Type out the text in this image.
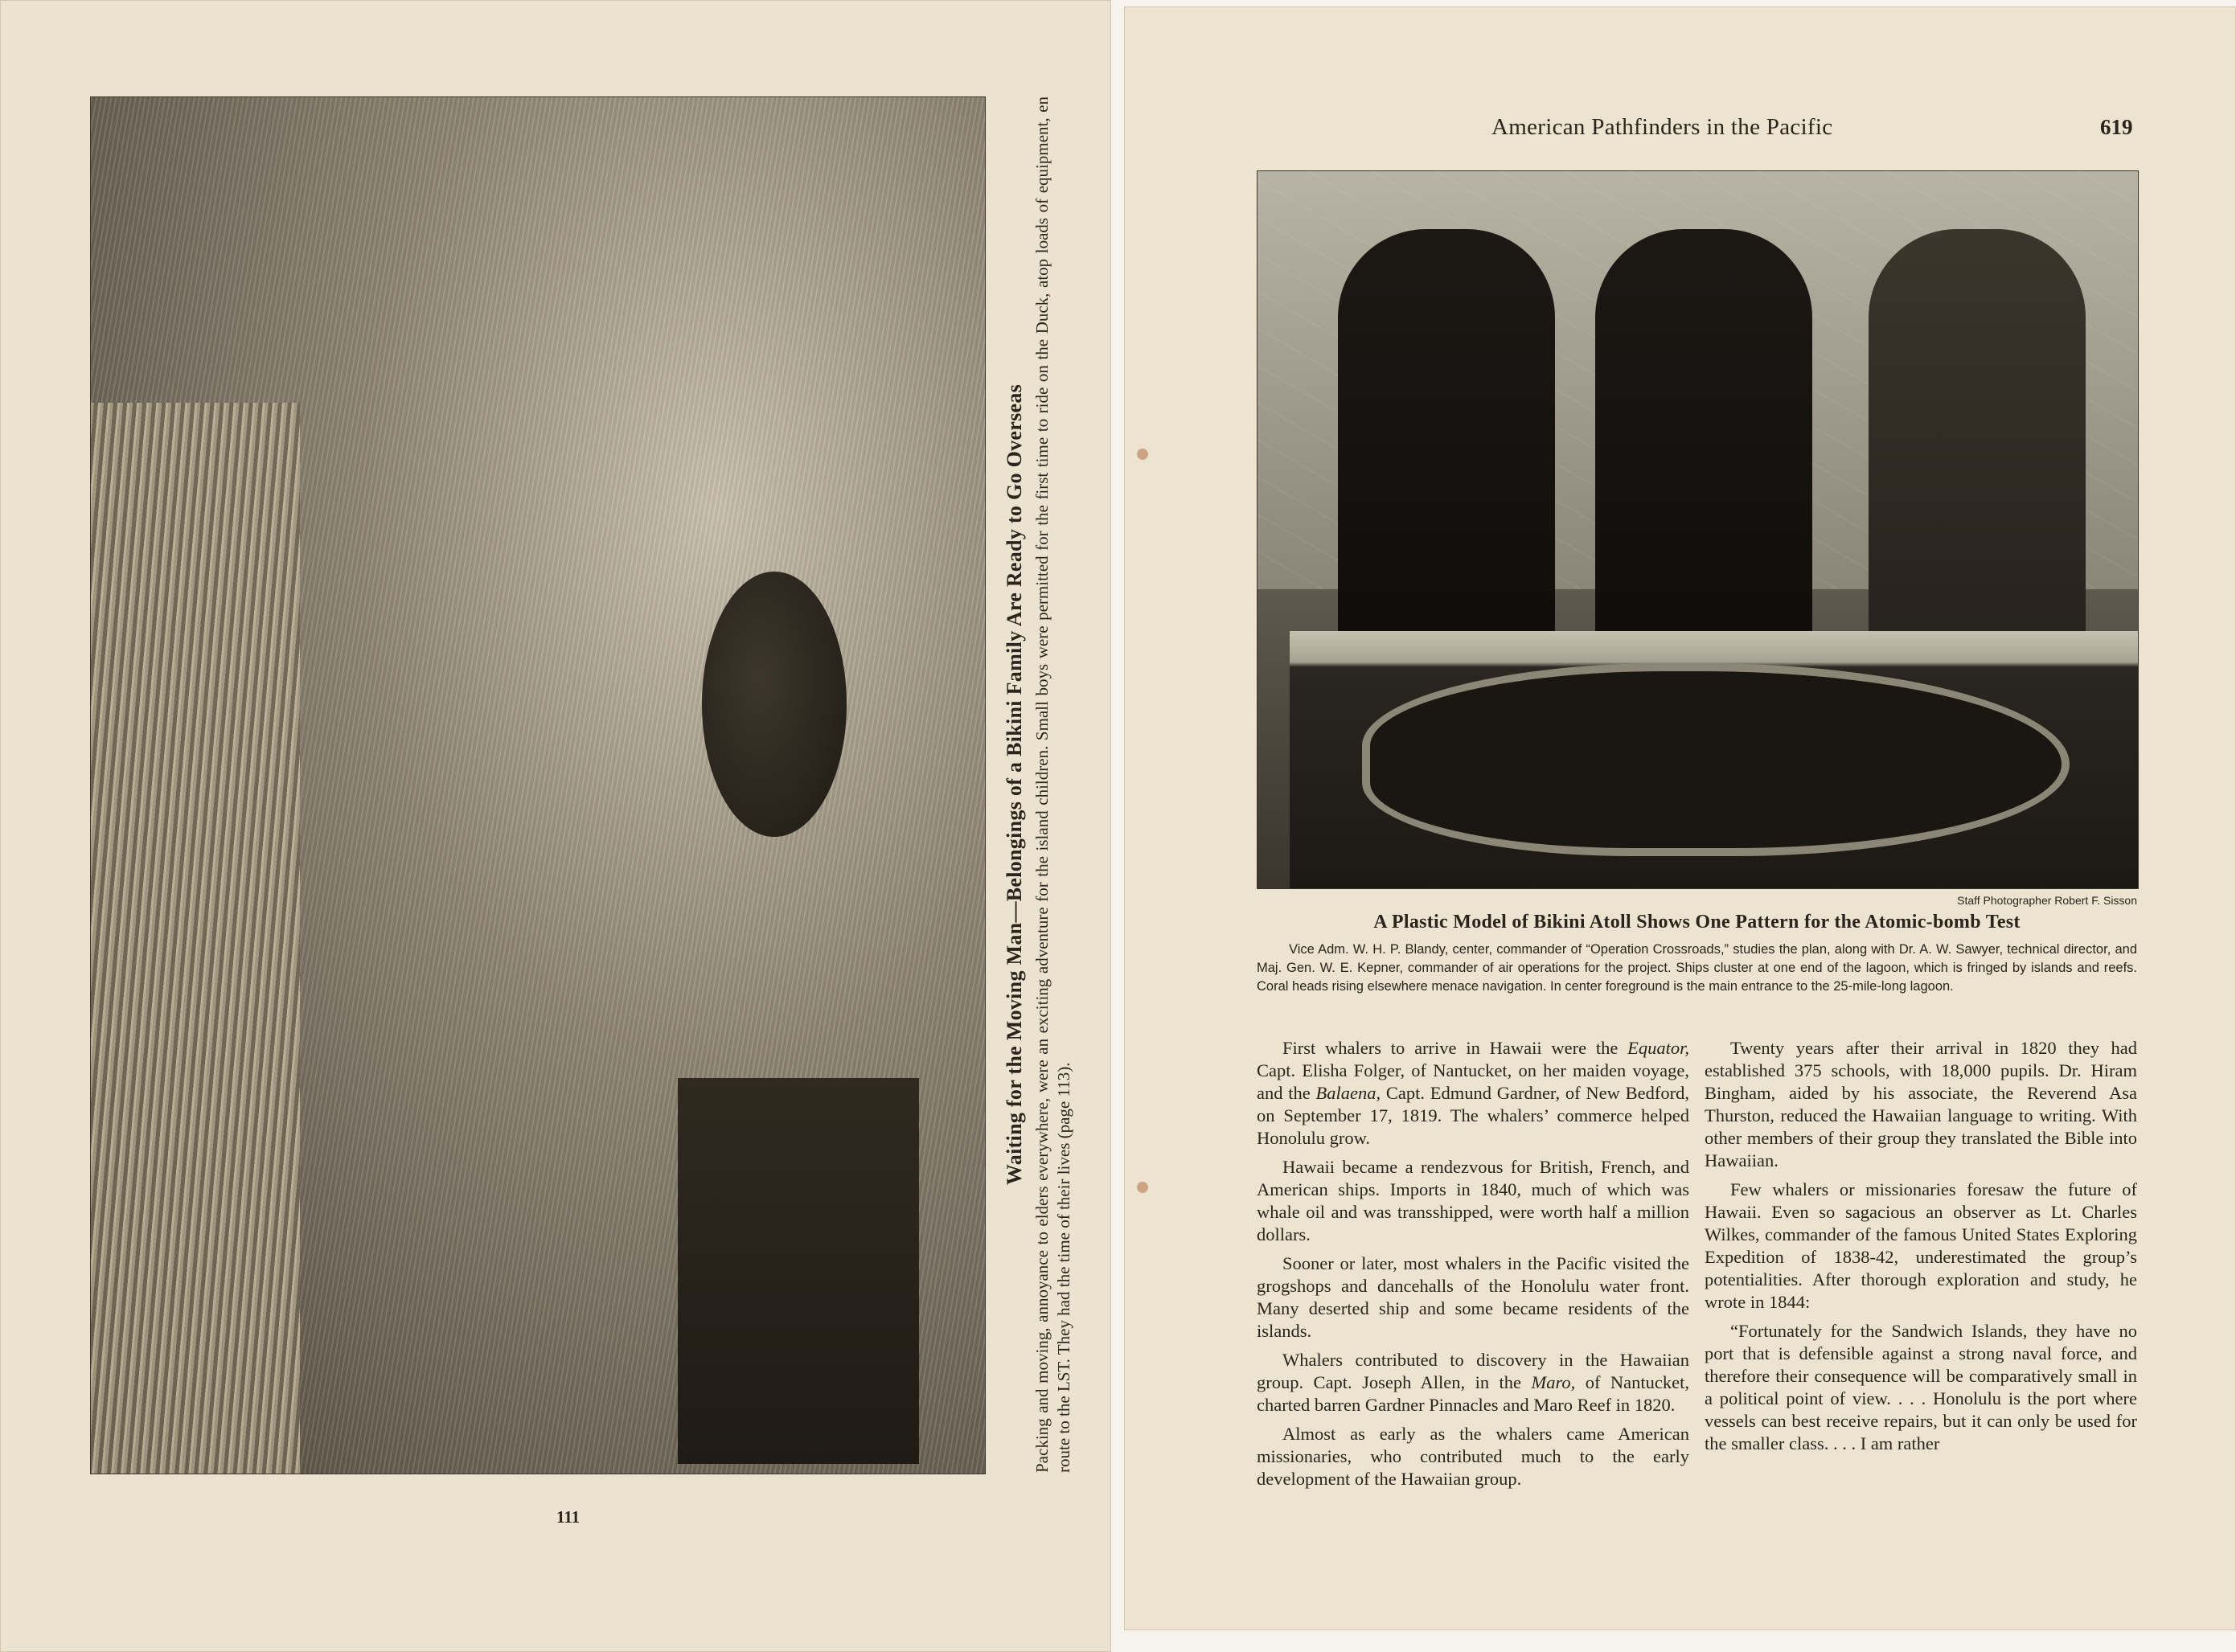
Waiting for the Moving Man—Belongings of a Bikini Family Are Ready to Go Overseas Packing and moving, annoyance to elders everywhere, were an exciting adventure for the island children. Small boys were permitted for the first time to ride on the Duck, atop loads of equipment, en route to the LST. They had the time of their lives (page 113).

111
American Pathfinders in the Pacific	619
Staff Photographer Robert F. Sisson
A Plastic Model of Bikini Atoll Shows One Pattern for the Atomic-bomb Test

Vice Adm. W. H. P. Blandy, center, commander of “Operation Crossroads,” studies the plan, along with Dr. A. W. Sawyer, technical director, and Maj. Gen. W. E. Kepner, commander of air operations for the project. Ships cluster at one end of the lagoon, which is fringed by islands and reefs. Coral heads rising elsewhere menace navigation. In center foreground is the main entrance to the 25-mile-long lagoon.

First whalers to arrive in Hawaii were the Equator, Capt. Elisha Folger, of Nantucket, on her maiden voyage, and the Balaena, Capt. Edmund Gardner, of New Bedford, on September 17, 1819. The whalers’ commerce helped Honolulu grow.

Hawaii became a rendezvous for British, French, and American ships. Imports in 1840, much of which was whale oil and was transshipped, were worth half a million dollars.

Sooner or later, most whalers in the Pacific visited the grogshops and dancehalls of the Honolulu water front. Many deserted ship and some became residents of the islands.

Whalers contributed to discovery in the Hawaiian group. Capt. Joseph Allen, in the Maro, of Nantucket, charted barren Gardner Pinnacles and Maro Reef in 1820.

Almost as early as the whalers came American missionaries, who contributed much to the early development of the Hawaiian group.

Twenty years after their arrival in 1820 they had established 375 schools, with 18,000 pupils. Dr. Hiram Bingham, aided by his associate, the Reverend Asa Thurston, reduced the Hawaiian language to writing. With other members of their group they translated the Bible into Hawaiian.

Few whalers or missionaries foresaw the future of Hawaii. Even so sagacious an observer as Lt. Charles Wilkes, commander of the famous United States Exploring Expedition of 1838-42, underestimated the group’s potentialities. After thorough exploration and study, he wrote in 1844:

“Fortunately for the Sandwich Islands, they have no port that is defensible against a strong naval force, and therefore their consequence will be comparatively small in a political point of view. . . . Honolulu is the port where vessels can best receive repairs, but it can only be used for the smaller class. . . . I am rather
